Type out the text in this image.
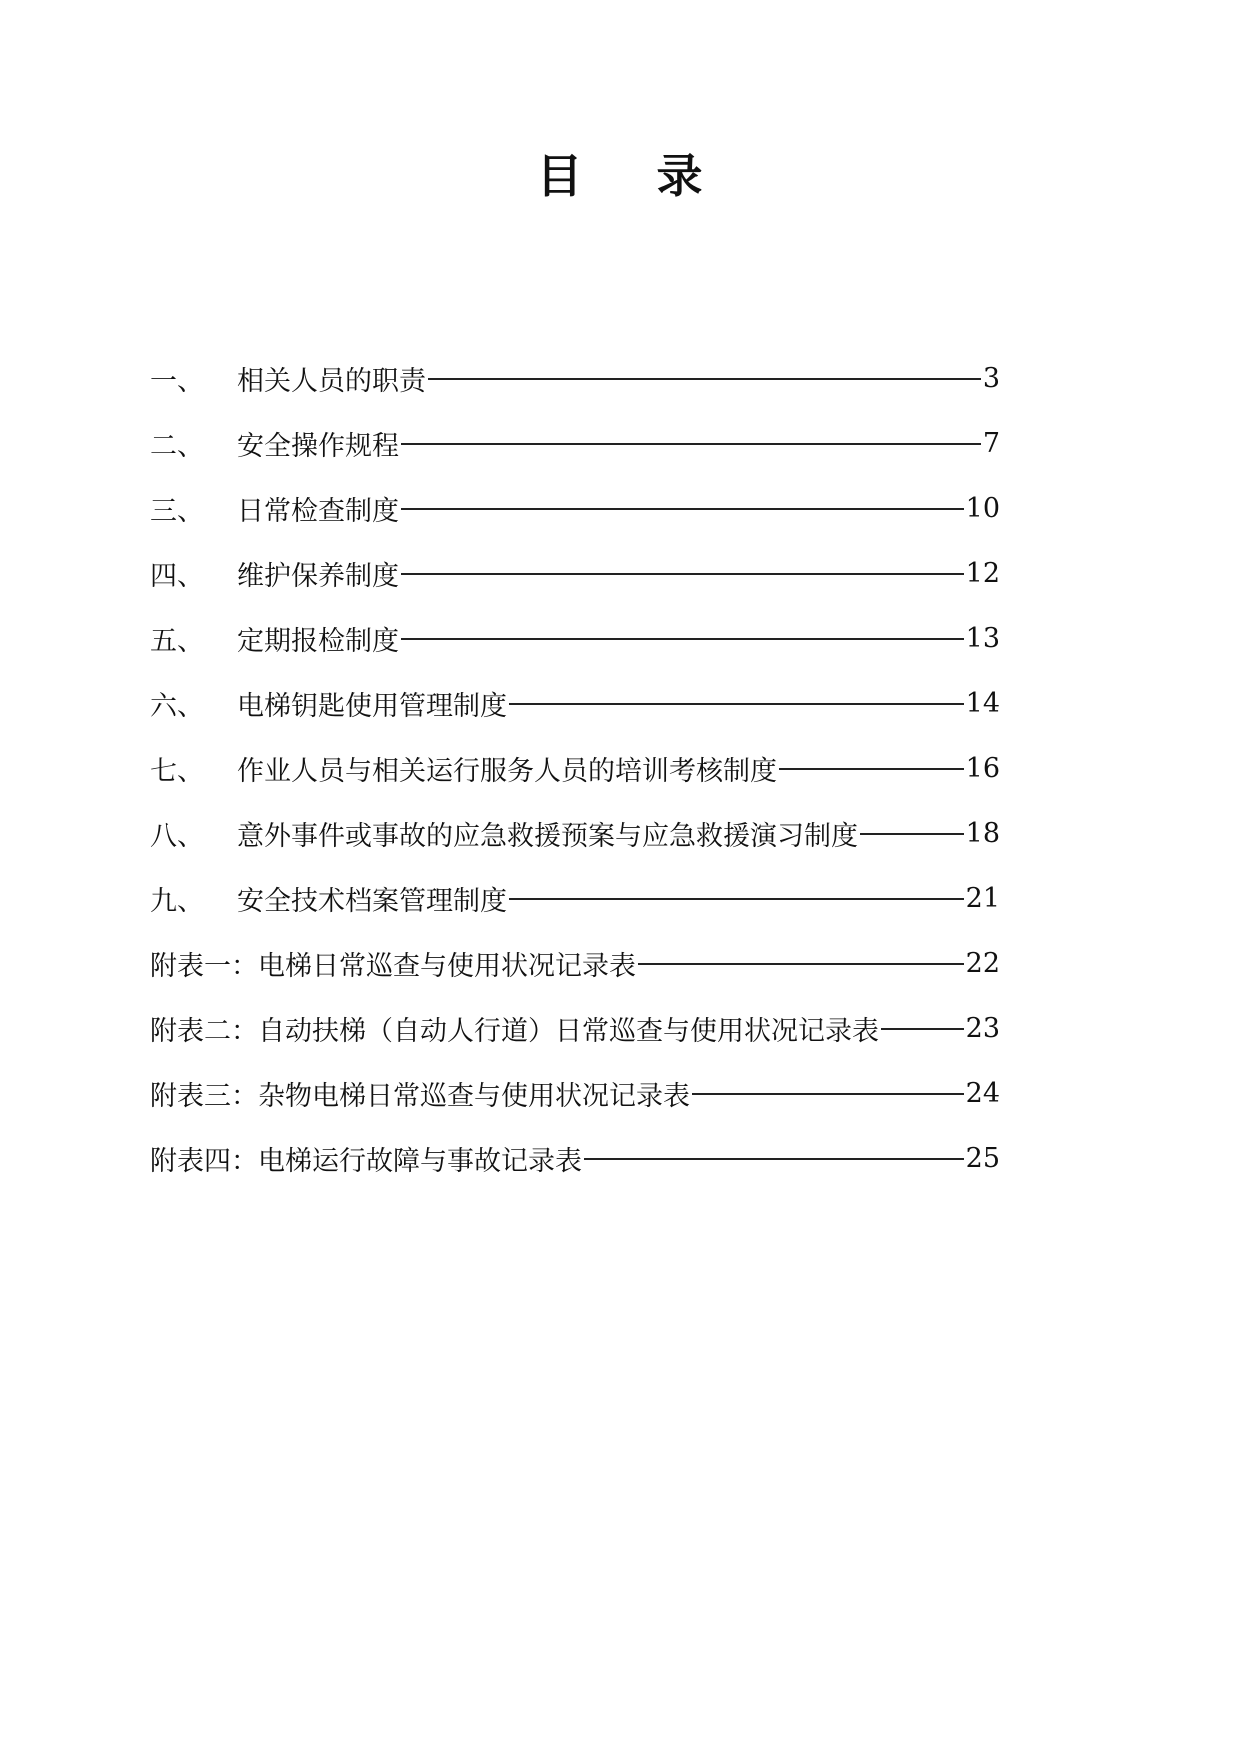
目 录
一、	相关人员的职责	3
二、	安全操作规程	7
三、	日常检查制度	10
四、	维护保养制度	12
五、	定期报检制度	13
六、	电梯钥匙使用管理制度	14
七、	作业人员与相关运行服务人员的培训考核制度	16
八、	意外事件或事故的应急救援预案与应急救援演习制度	18
九、	安全技术档案管理制度	21
附表一：电梯日常巡查与使用状况记录表	22
附表二：自动扶梯（自动人行道）日常巡查与使用状况记录表	23
附表三：杂物电梯日常巡查与使用状况记录表	24
附表四：电梯运行故障与事故记录表	25
